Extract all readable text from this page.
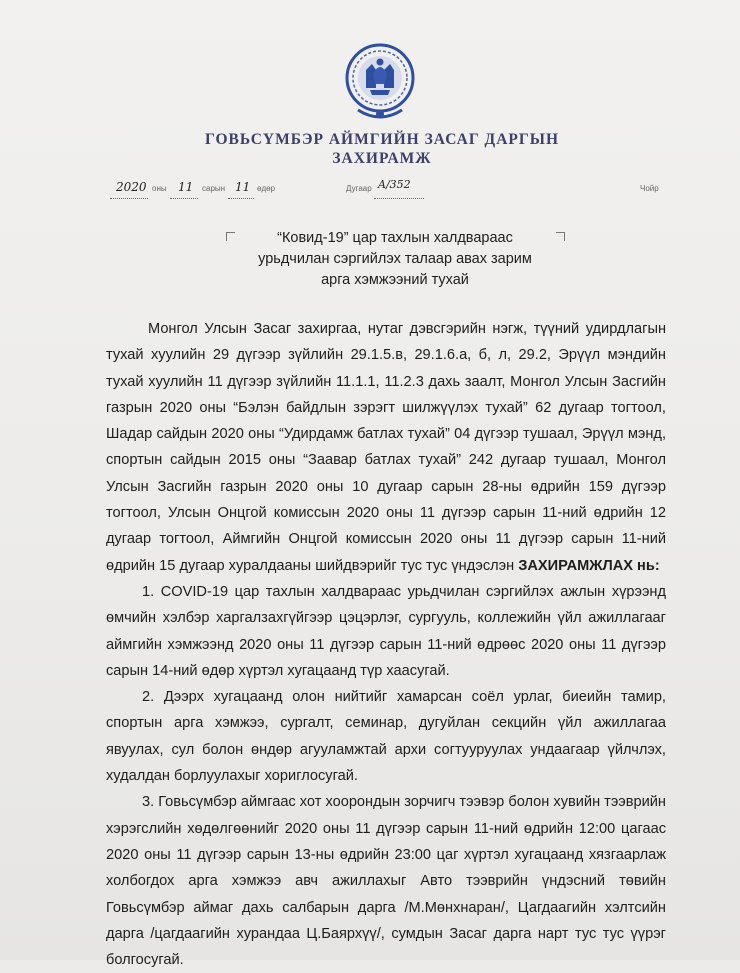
ГОВЬСҮМБЭР АЙМГИЙН ЗАСАГ ДАРГЫН
ЗАХИРАМЖ
2020 оны 11 сарын 11 өдөр	Дугаар A/352	Чойр
“Ковид-19” цар тахлын халдвараас
урьдчилан сэргийлэх талаар авах зарим
арга хэмжээний тухай

Монгол Улсын Засаг захиргаа, нутаг дэвсгэрийн нэгж, түүний удирдлагын тухай хуулийн 29 дүгээр зүйлийн 29.1.5.в, 29.1.6.а, б, л, 29.2, Эрүүл мэндийн тухай хуулийн 11 дүгээр зүйлийн 11.1.1, 11.2.3 дахь заалт, Монгол Улсын Засгийн газрын 2020 оны “Бэлэн байдлын зэрэгт шилжүүлэх тухай” 62 дугаар тогтоол, Шадар сайдын 2020 оны “Удирдамж батлах тухай” 04 дүгээр тушаал, Эрүүл мэнд, спортын сайдын 2015 оны “Заавар батлах тухай” 242 дугаар тушаал, Монгол Улсын Засгийн газрын 2020 оны 10 дугаар сарын 28-ны өдрийн 159 дүгээр тогтоол, Улсын Онцгой комиссын 2020 оны 11 дүгээр сарын 11-ний өдрийн 12 дугаар тогтоол, Аймгийн Онцгой комиссын 2020 оны 11 дүгээр сарын 11-ний өдрийн 15 дугаар хуралдааны шийдвэрийг тус тус үндэслэн ЗАХИРАМЖЛАХ нь:

1. COVID-19 цар тахлын халдвараас урьдчилан сэргийлэх ажлын хүрээнд өмчийн хэлбэр харгалзахгүйгээр цэцэрлэг, сургууль, коллежийн үйл ажиллагааг аймгийн хэмжээнд 2020 оны 11 дүгээр сарын 11-ний өдрөөс 2020 оны 11 дүгээр сарын 14-ний өдөр хүртэл хугацаанд түр хаасугай.

2. Дээрх хугацаанд олон нийтийг хамарсан соёл урлаг, биеийн тамир, спортын арга хэмжээ, сургалт, семинар, дугуйлан секцийн үйл ажиллагаа явуулах, сул болон өндөр агууламжтай архи согтууруулах ундаагаар үйлчлэх, худалдан борлуулахыг хориглосугай.

3. Говьсүмбэр аймгаас хот хоорондын зорчигч тээвэр болон хувийн тээврийн хэрэгслийн хөдөлгөөнийг 2020 оны 11 дүгээр сарын 11-ний өдрийн 12:00 цагаас 2020 оны 11 дүгээр сарын 13-ны өдрийн 23:00 цаг хүртэл хугацаанд хязгаарлаж холбогдох арга хэмжээ авч ажиллахыг Авто тээврийн үндэсний төвийн Говьсүмбэр аймаг дахь салбарын дарга /М.Мөнхнаран/, Цагдаагийн хэлтсийн дарга /цагдаагийн хурандаа Ц.Баярхүү/, сумдын Засаг дарга нарт тус тус үүрэг болгосугай.
